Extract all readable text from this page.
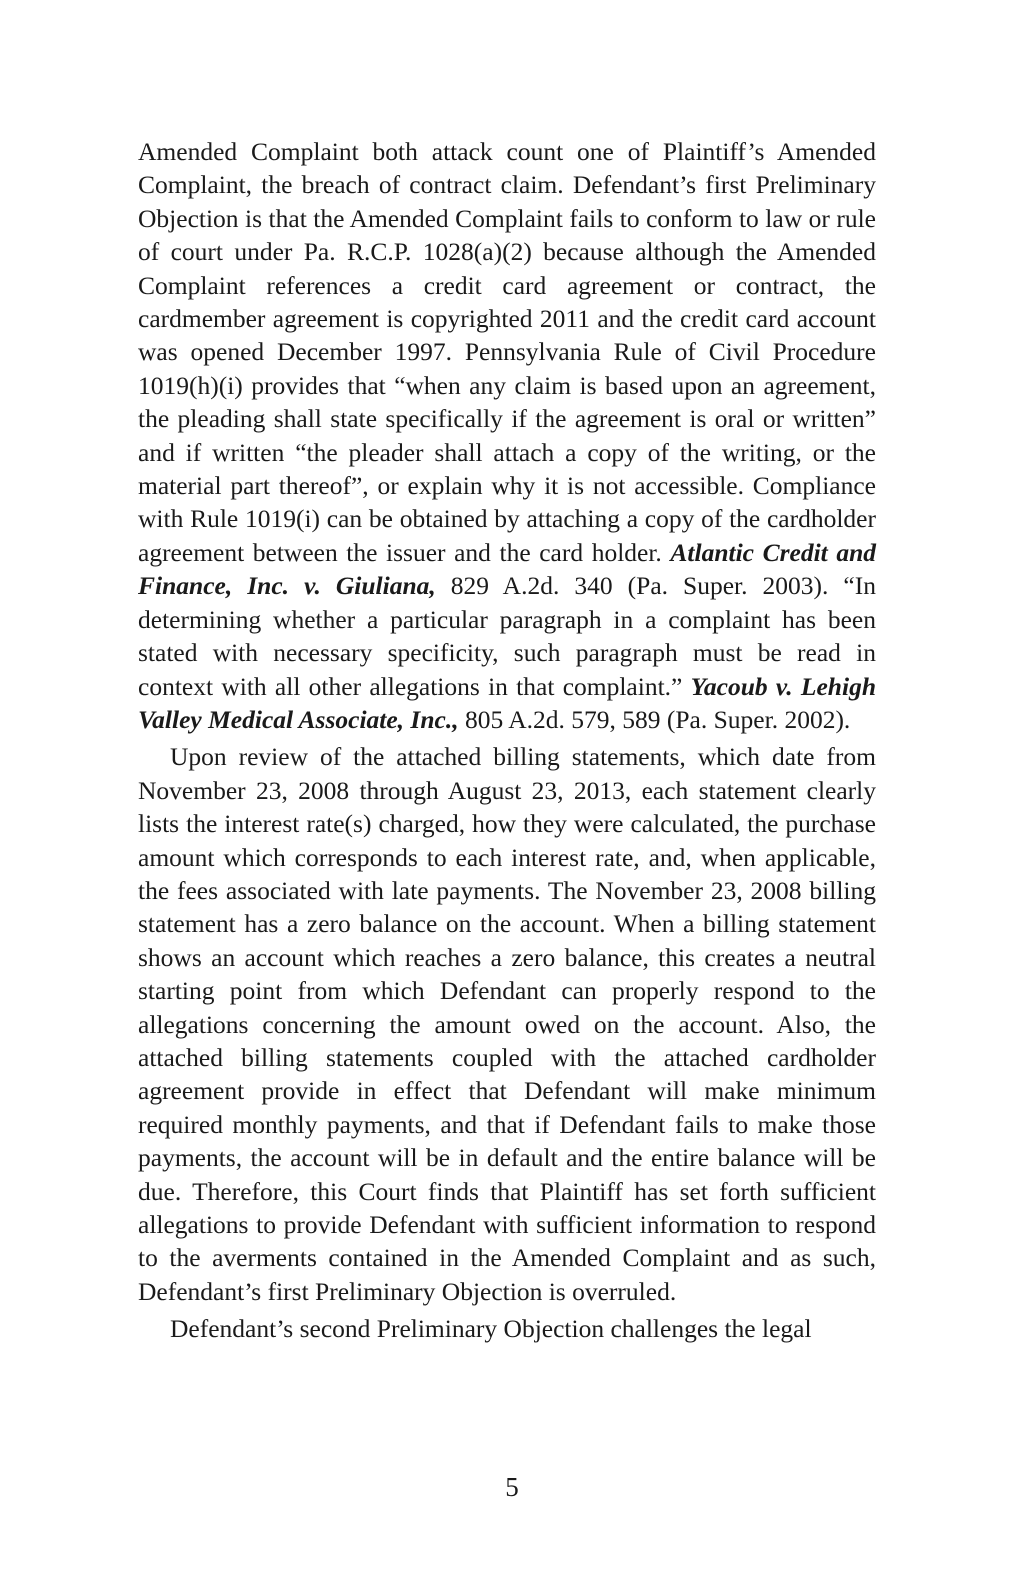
Amended Complaint both attack count one of Plaintiff’s Amended Complaint, the breach of contract claim. Defendant’s first Preliminary Objection is that the Amended Complaint fails to conform to law or rule of court under Pa. R.C.P. 1028(a)(2) because although the Amended Complaint references a credit card agreement or contract, the cardmember agreement is copyrighted 2011 and the credit card account was opened December 1997. Pennsylvania Rule of Civil Procedure 1019(h)(i) provides that “when any claim is based upon an agreement, the pleading shall state specifically if the agreement is oral or written” and if written “the pleader shall attach a copy of the writing, or the material part thereof”, or explain why it is not accessible. Compliance with Rule 1019(i) can be obtained by attaching a copy of the cardholder agreement between the issuer and the card holder. Atlantic Credit and Finance, Inc. v. Giuliana, 829 A.2d. 340 (Pa. Super. 2003). “In determining whether a particular paragraph in a complaint has been stated with necessary specificity, such paragraph must be read in context with all other allegations in that complaint.” Yacoub v. Lehigh Valley Medical Associate, Inc., 805 A.2d. 579, 589 (Pa. Super. 2002).

Upon review of the attached billing statements, which date from November 23, 2008 through August 23, 2013, each statement clearly lists the interest rate(s) charged, how they were calculated, the purchase amount which corresponds to each interest rate, and, when applicable, the fees associated with late payments. The November 23, 2008 billing statement has a zero balance on the account. When a billing statement shows an account which reaches a zero balance, this creates a neutral starting point from which Defendant can properly respond to the allegations concerning the amount owed on the account. Also, the attached billing statements coupled with the attached cardholder agreement provide in effect that Defendant will make minimum required monthly payments, and that if Defendant fails to make those payments, the account will be in default and the entire balance will be due. Therefore, this Court finds that Plaintiff has set forth sufficient allegations to provide Defendant with sufficient information to respond to the averments contained in the Amended Complaint and as such, Defendant’s first Preliminary Objection is overruled.

Defendant’s second Preliminary Objection challenges the legal

5
